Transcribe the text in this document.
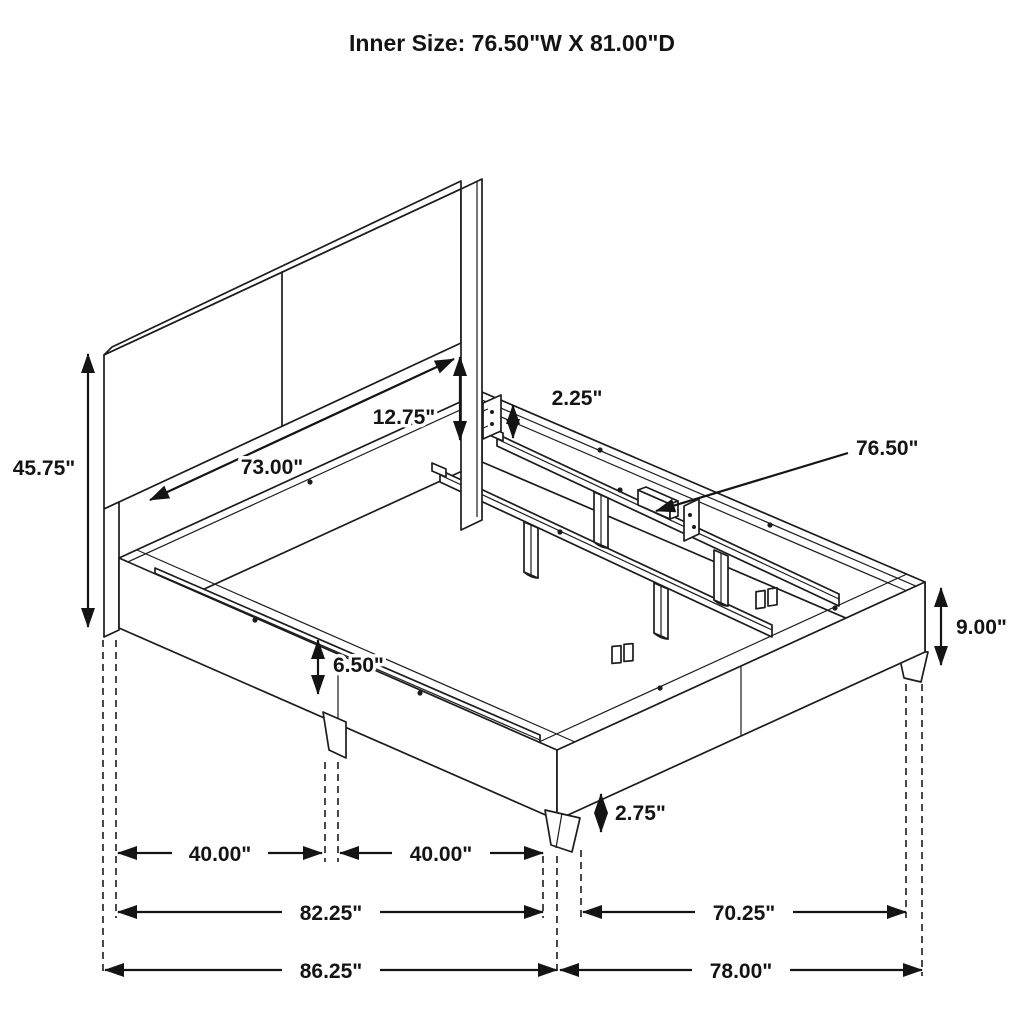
Inner Size: 76.50"W X 81.00"D
45.75"	73.00"
12.75"
2.25"
76.50"
6.50"
9.00"
2.75"
40.00"	40.00"
82.25"	70.25"
86.25"	78.00"
